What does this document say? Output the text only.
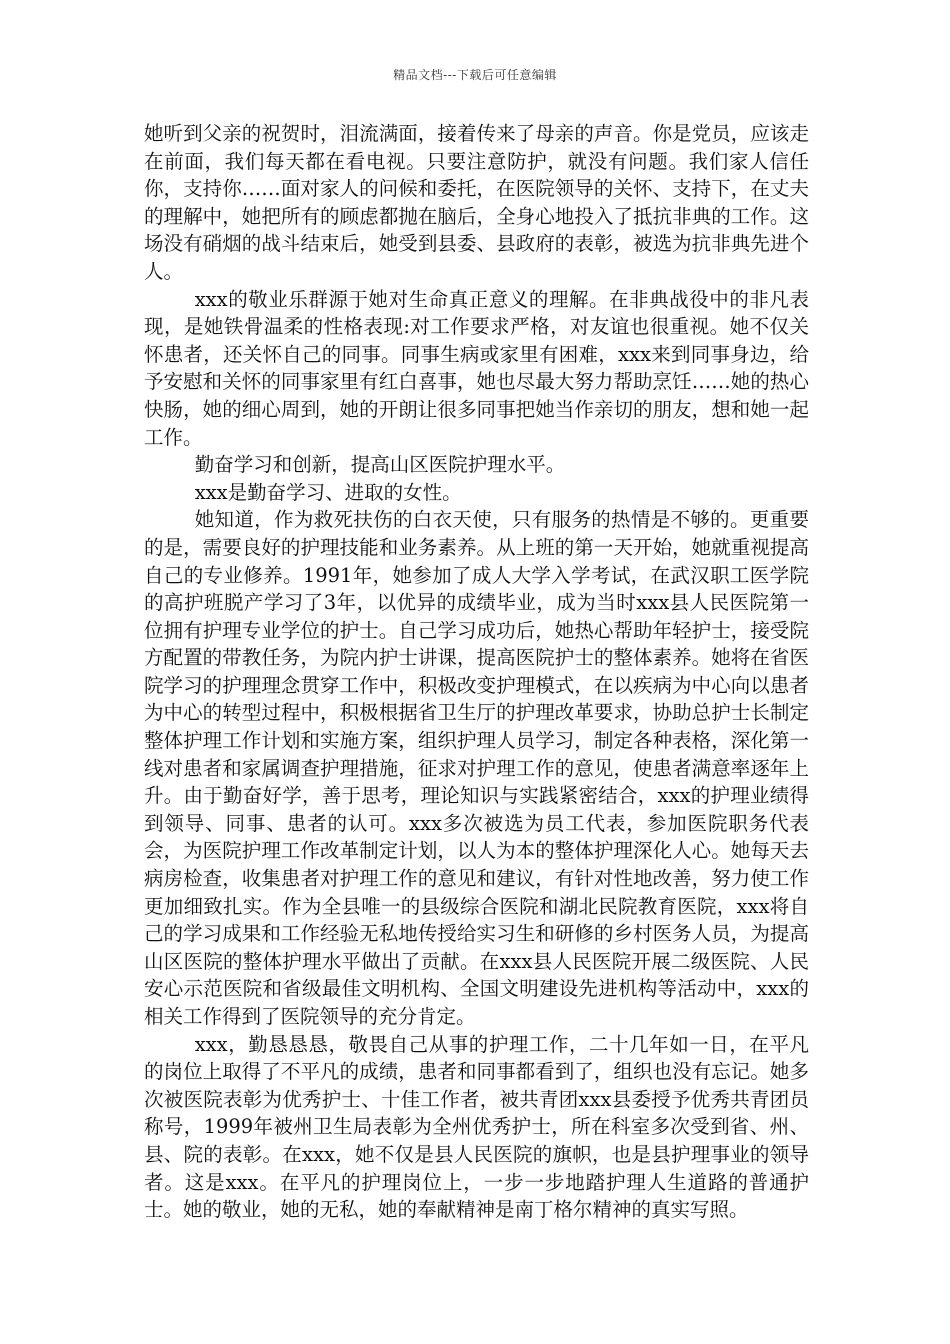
精品文档---下载后可任意编辑

她听到父亲的祝贺时，泪流满面，接着传来了母亲的声音。你是党员，应该走在前面，我们每天都在看电视。只要注意防护，就没有问题。我们家人信任你，支持你……面对家人的问候和委托，在医院领导的关怀、支持下，在丈夫的理解中，她把所有的顾虑都抛在脑后，全身心地投入了抵抗非典的工作。这场没有硝烟的战斗结束后，她受到县委、县政府的表彰，被选为抗非典先进个人。

xxx的敬业乐群源于她对生命真正意义的理解。在非典战役中的非凡表现，是她铁骨温柔的性格表现:对工作要求严格，对友谊也很重视。她不仅关怀患者，还关怀自己的同事。同事生病或家里有困难，xxx来到同事身边，给予安慰和关怀的同事家里有红白喜事，她也尽最大努力帮助烹饪……她的热心快肠，她的细心周到，她的开朗让很多同事把她当作亲切的朋友，想和她一起工作。

勤奋学习和创新，提高山区医院护理水平。

xxx是勤奋学习、进取的女性。

她知道，作为救死扶伤的白衣天使，只有服务的热情是不够的。更重要的是，需要良好的护理技能和业务素养。从上班的第一天开始，她就重视提高自己的专业修养。1991年，她参加了成人大学入学考试，在武汉职工医学院的高护班脱产学习了3年，以优异的成绩毕业，成为当时xxx县人民医院第一位拥有护理专业学位的护士。自己学习成功后，她热心帮助年轻护士，接受院方配置的带教任务，为院内护士讲课，提高医院护士的整体素养。她将在省医院学习的护理理念贯穿工作中，积极改变护理模式，在以疾病为中心向以患者为中心的转型过程中，积极根据省卫生厅的护理改革要求，协助总护士长制定整体护理工作计划和实施方案，组织护理人员学习，制定各种表格，深化第一线对患者和家属调查护理措施，征求对护理工作的意见，使患者满意率逐年上升。由于勤奋好学，善于思考，理论知识与实践紧密结合，xxx的护理业绩得到领导、同事、患者的认可。xxx多次被选为员工代表，参加医院职务代表会，为医院护理工作改革制定计划，以人为本的整体护理深化人心。她每天去病房检查，收集患者对护理工作的意见和建议，有针对性地改善，努力使工作更加细致扎实。作为全县唯一的县级综合医院和湖北民院教育医院，xxx将自己的学习成果和工作经验无私地传授给实习生和研修的乡村医务人员，为提高山区医院的整体护理水平做出了贡献。在xxx县人民医院开展二级医院、人民安心示范医院和省级最佳文明机构、全国文明建设先进机构等活动中，xxx的相关工作得到了医院领导的充分肯定。

xxx，勤恳恳恳，敬畏自己从事的护理工作，二十几年如一日，在平凡的岗位上取得了不平凡的成绩，患者和同事都看到了，组织也没有忘记。她多次被医院表彰为优秀护士、十佳工作者，被共青团xxx县委授予优秀共青团员称号，1999年被州卫生局表彰为全州优秀护士，所在科室多次受到省、州、县、院的表彰。在xxx，她不仅是县人民医院的旗帜，也是县护理事业的领导者。这是xxx。在平凡的护理岗位上，一步一步地踏护理人生道路的普通护士。她的敬业，她的无私，她的奉献精神是南丁格尔精神的真实写照。
